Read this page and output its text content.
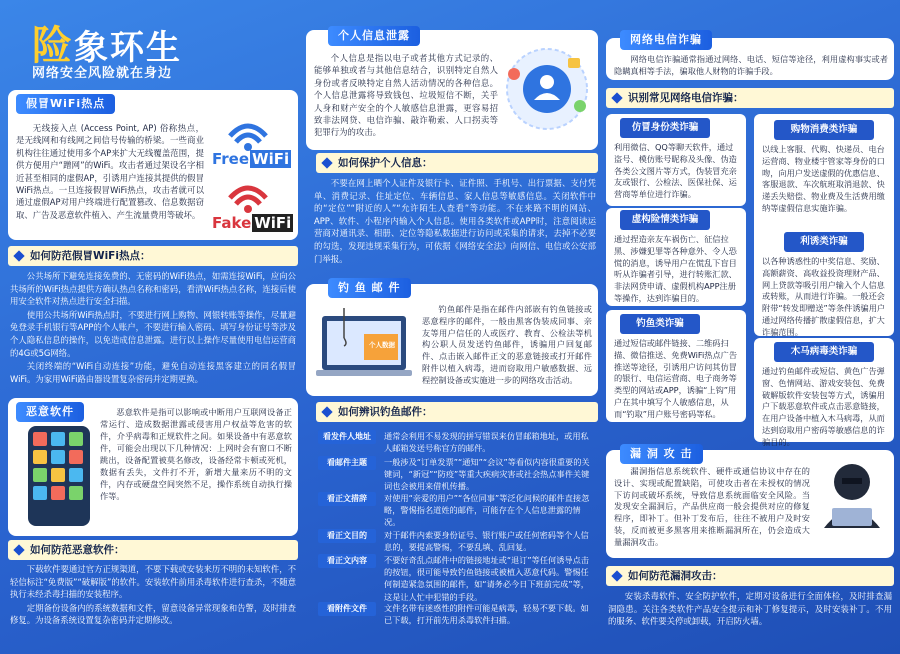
险象环生
网络安全风险就在身边
无线接入点 (Access Point, AP) 俗称热点，是无线网和有线网之间信号传输的桥梁。一些商业机构往往通过使用多个AP来扩大无线覆盖范围，提供方便用户“蹭网”的WiFi。攻击者通过架设名字相近甚至相同的虚假AP，引诱用户连接其提供的假冒WiFi热点。一旦连接假冒WiFi热点，攻击者就可以通过虚假AP对用户终端进行配置篡改、信息数据窃取、广告及恶意软件植入、产生流量费用等破坏。
Free WiFi
Fake WiFi
假冒WiFi热点
如何防范假冒WiFi热点：

公共场所下避免连接免费的、无密码的WiFi热点，如需连接WiFi，应向公共场所的WiFi热点提供方确认热点名称和密码，看清WiFi热点名称，连接后使用安全软件对热点进行安全扫描。

使用公共场所WiFi热点时，不要进行网上购物、网银转账等操作，尽量避免登录手机银行等APP的个人账户，不要进行输入密码、填写身份证号等涉及个人隐私信息的操作，以免造成信息泄露。进行以上操作尽量使用电信运营商的4G或5G网络。

关闭终端的“WiFi自动连接”功能，避免自动连接黑客建立的同名假冒WiFi。为家用WiFi路由器设置复杂密码并定期更换。

恶意软件是指可以影响或中断用户互联网设备正常运行、造成数据泄露或侵害用户权益等危害的软件，介乎病毒和正规软件之间。如果设备中有恶意软件，可能会出现以下几种情况：上网时会有窗口不断跳出，设备配置被莫名修改，设备经常卡顿或死机，数据有丢失，文件打不开，新增大量来历不明的文件，内存或硬盘空间突然不足，操作系统自动执行操作等。
恶意软件
如何防范恶意软件：

下载软件要通过官方正规渠道，不要下载或安装来历不明的未知软件，不轻信标注“免费版”“破解版”的软件。安装软件前用杀毒软件进行查杀，不随意执行未经杀毒扫描的安装程序。

定期备份设备内的系统数据和文件，留意设备异常现象和告警，及时排查修复。为设备系统设置复杂密码并定期修改。

个人信息是指以电子或者其他方式记录的、能够单独或者与其他信息结合，识别特定自然人身份或者反映特定自然人活动情况的各种信息。个人信息泄露将导致钱包、垃圾短信不断，关乎人身和财产安全的个人敏感信息泄露，更容易招致非法网贷、电信诈骗、敲诈勒索、人口拐卖等犯罪行为的攻击。
个人信息泄露
如何保护个人信息：

不要在网上晒个人证件及银行卡、证件照、手机号、出行票据、支付凭单、消费记录、住址定位、车辆信息、家人信息等敏感信息。关闭软件中的“定位”“附近的人”“允许陌生人查看”等功能。不在来路不明的网站、APP、软件、小程序内输入个人信息。使用各类软件或APP时，注意阅读运营商对通讯录、相册、定位等隐私数据进行访问或采集的请求，去掉不必要的勾选，发现违规采集行为，可依据《网络安全法》向网信、电信或公安部门举报。

个人数据
钓鱼邮件是指在邮件内部嵌有钓鱼链接或恶意程序的邮件，一般由黑客伪装成同事、亲友等用户信任的人或医疗、教育、公检法等机构公职人员发送钓鱼邮件，诱骗用户回复邮件、点击嵌入邮件正文的恶意链接或打开邮件附件以植入病毒，进而窃取用户敏感数据、远程控制设备或实施进一步的网络攻击活动。
钓 鱼 邮 件
如何辨识钓鱼邮件：
看发件人地址	通常会利用不易发现的拼写错误来仿冒邮箱地址，或用私人邮箱发送号称官方的邮件。
看邮件主题	一般涉及“订单发票”“通知”“会议”等看似内容很重要的关键词，“新冠”“防疫”等重大疾病灾害或社会热点事件关键词也会被用来借机传播。
看正文措辞	对使用“亲爱的用户”“各位同事”等泛化问候的邮件直接忽略，警惕指名道姓的邮件，可能存在个人信息泄露的情况。
看正文目的	对于邮件内索要身份证号、银行账户或任何密码等个人信息的，要提高警惕，不要乱填、乱回复。
看正文内容	不要好奇乱点邮件中的链接地址或“退订”等任何诱导点击的按钮，很可能导致钓鱼链接或被植入恶意代码。警惕任何制造紧急氛围的邮件，如“请务必今日下班前完成”等，这是让人忙中犯错的手段。
看附件文件	文件名带有迷惑性的附件可能是病毒，轻易不要下载。如已下载，打开前先用杀毒软件扫描。
网络电信诈骗通常指通过网络、电话、短信等途径，利用虚构事实或者隐瞒真相等手法，骗取他人财物的诈骗手段。
网络电信诈骗
识别常见网络电信诈骗：
仿冒身份类诈骗
利用微信、QQ等聊天软件，通过盗号、模仿账号昵称及头像、伪造各类公文图片等方式，伪装冒充亲友或银行、公检法、医保社保、运营商等单位进行诈骗。
购物消费类诈骗
以线上客服、代购、快递员、电台运营商、物业楼宇管家等身份的口吻，向用户发送虚假的优惠信息、客服退款、车次航班取消退款、快递丢失赔偿、物业费及生活费用缴纳等虚假信息实施诈骗。
虚构险情类诈骗
通过捏造亲友车祸伤亡、征信拉黑、涉嫌犯罪等各种意外、令人恐慌的消息，诱导用户在慌乱下盲目听从诈骗者引导，进行转账汇款、非法网贷申请、虚假机构APP注册等操作，达到诈骗目的。
利诱类诈骗
以各种诱惑性的中奖信息、奖励、高额薪资、高收益投资理财产品、网上贷款等吸引用户输入个人信息或转账，从而进行诈骗。一般还会附带“转发即赠送”等条件诱骗用户通过网络传播扩散虚假信息，扩大诈骗范围。
钓鱼类诈骗
通过短信或邮件链接、二维码扫描、微信推送、免费WiFi热点广告推送等途径，引诱用户访问其仿冒的银行、电信运营商、电子商务等类型的网站或APP，诱骗“上钩”用户在其中填写个人敏感信息，从而“钓取”用户账号密码等私。
木马病毒类诈骗
通过钓鱼邮件或短信、黄色广告弹窗、色情网站、游戏安装包、免费破解版软件安装包等方式，诱骗用户下载恶意软件或点击恶意链接，在用户设备中植入木马病毒，从而达到窃取用户密码等敏感信息的诈骗目的。
漏洞指信息系统软件、硬件或通信协议中存在的设计、实现或配置缺陷，可使攻击者在未授权的情况下访问或破坏系统，导致信息系统面临安全风险。当发现安全漏洞后，产品供应商一般会提供对应的修复程序，即补丁。但补丁发布后，往往不被用户及时安装，反而被更多黑客用来推断漏洞所在，仍会造成大量漏洞攻击。
漏 洞 攻 击
如何防范漏洞攻击：

安装杀毒软件、安全防护软件，定期对设备进行全面体检，及时排查漏洞隐患。关注各类软件产品安全提示和补丁修复提示，及时安装补丁。不用的服务、软件要关停或卸载，开启防火墙。
